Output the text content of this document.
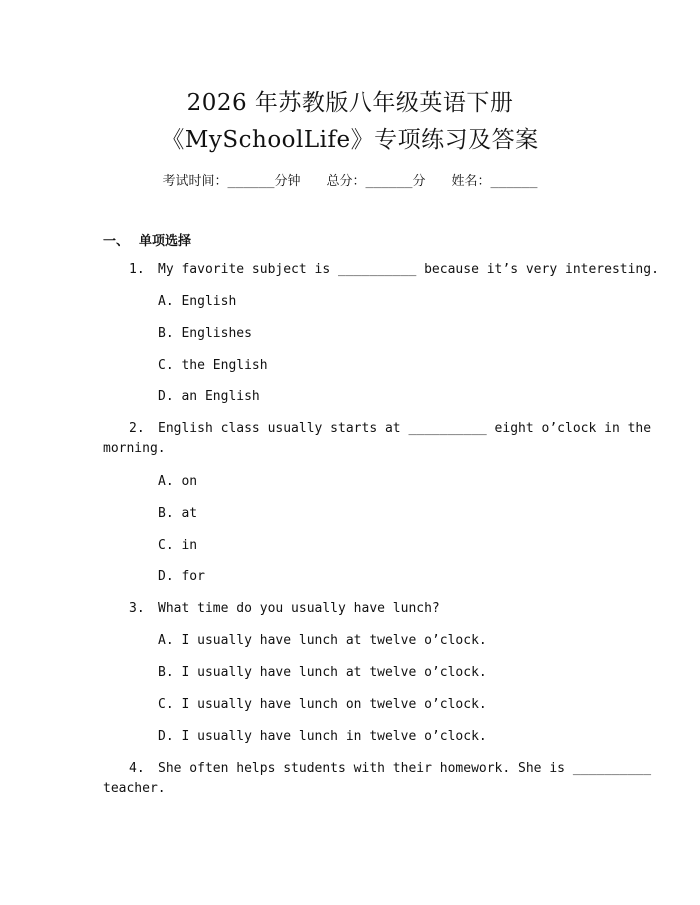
2026 年苏教版八年级英语下册
《MySchoolLife》专项练习及答案
考试时间：______分钟 总分：______分 姓名：______
一、 单项选择
1. My favorite subject is __________ because it’s very interesting.
A. English
B. Englishes
C. the English
D. an English
2. English class usually starts at __________ eight o’clock in the
morning.
A. on
B. at
C. in
D. for
3. What time do you usually have lunch?
A. I usually have lunch at twelve o’clock.
B. I usually have lunch at twelve o’clock.
C. I usually have lunch on twelve o’clock.
D. I usually have lunch in twelve o’clock.
4. She often helps students with their homework. She is __________
teacher.
